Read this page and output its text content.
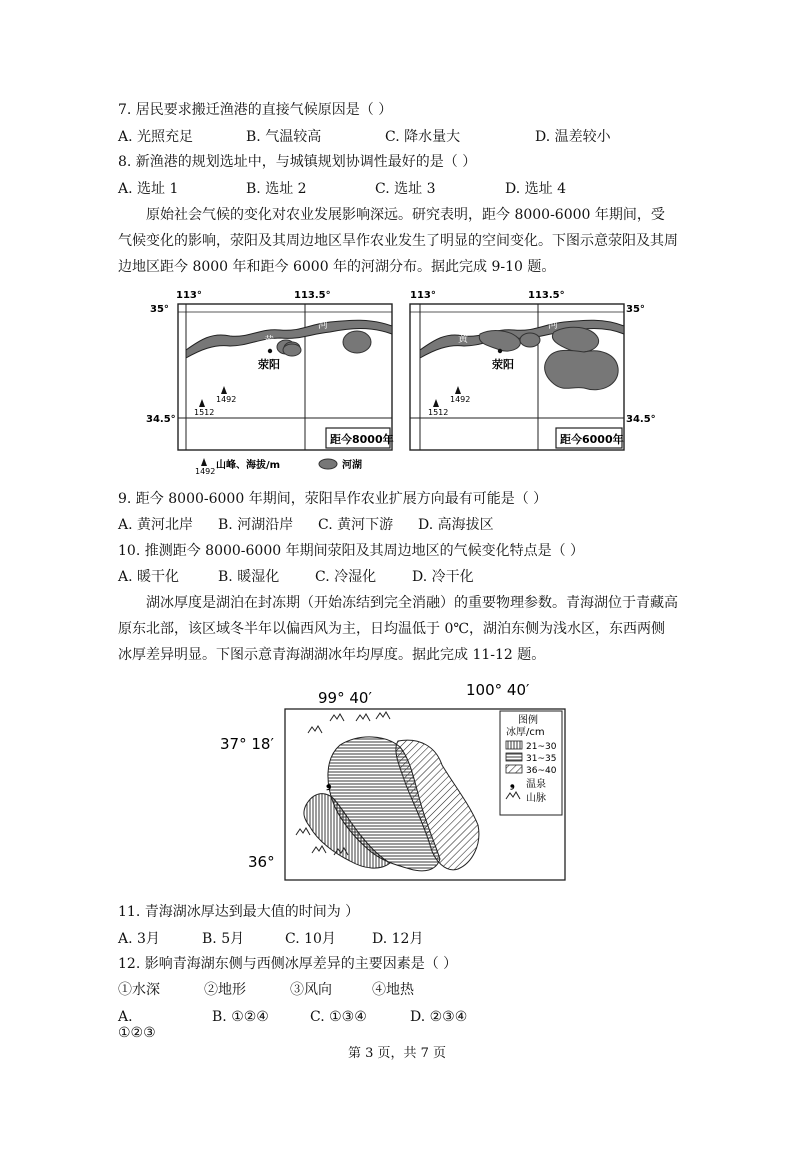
7. 居民要求搬迁渔港的直接气候原因是（ ）
A. 光照充足	B. 气温较高	C. 降水量大	D. 温差较小
8. 新渔港的规划选址中，与城镇规划协调性最好的是（ ）
A. 选址 1	B. 选址 2	C. 选址 3	D. 选址 4
原始社会气候的变化对农业发展影响深远。研究表明，距今 8000-6000 年期间，受气候变化的影响，荥阳及其周边地区旱作农业发生了明显的空间变化。下图示意荥阳及其周边地区距今 8000 年和距今 6000 年的河湖分布。据此完成 9-10 题。
黄
河
荥阳
1492
1512
距今8000年
黄
河
荥阳
1492
1512
距今6000年
113°	113.5°	113°	113.5°
35°
34.5°
35°
34.5°
1492
山峰、海拔/m	河湖
9. 距今 8000-6000 年期间，荥阳旱作农业扩展方向最有可能是（ ）
A. 黄河北岸 B. 河湖沿岸 C. 黄河下游 D. 高海拔区
10. 推测距今 8000-6000 年期间荥阳及其周边地区的气候变化特点是（ ）
A. 暖干化	B. 暖湿化	C. 冷湿化	D. 冷干化
湖冰厚度是湖泊在封冻期（开始冻结到完全消融）的重要物理参数。青海湖位于青藏高原东北部，该区域冬半年以偏西风为主，日均温低于 0℃，湖泊东侧为浅水区，东西两侧冰厚差异明显。下图示意青海湖湖冰年均厚度。据此完成 11-12 题。
❟
图例
冰厚/cm
21~30
31~35
36~40
❟ 温泉
山脉
99° 40′	100° 40′
37° 18′
36°
11. 青海湖冰厚达到最大值的时间为 ）
A. 3月	B. 5月	C. 10月	D. 12月
12. 影响青海湖东侧与西侧冰厚差异的主要因素是（ ）
①水深	②地形	③风向	④地热
A.
①②③
B. ①②④	C. ①③④	D. ②③④
第 3 页，共 7 页
